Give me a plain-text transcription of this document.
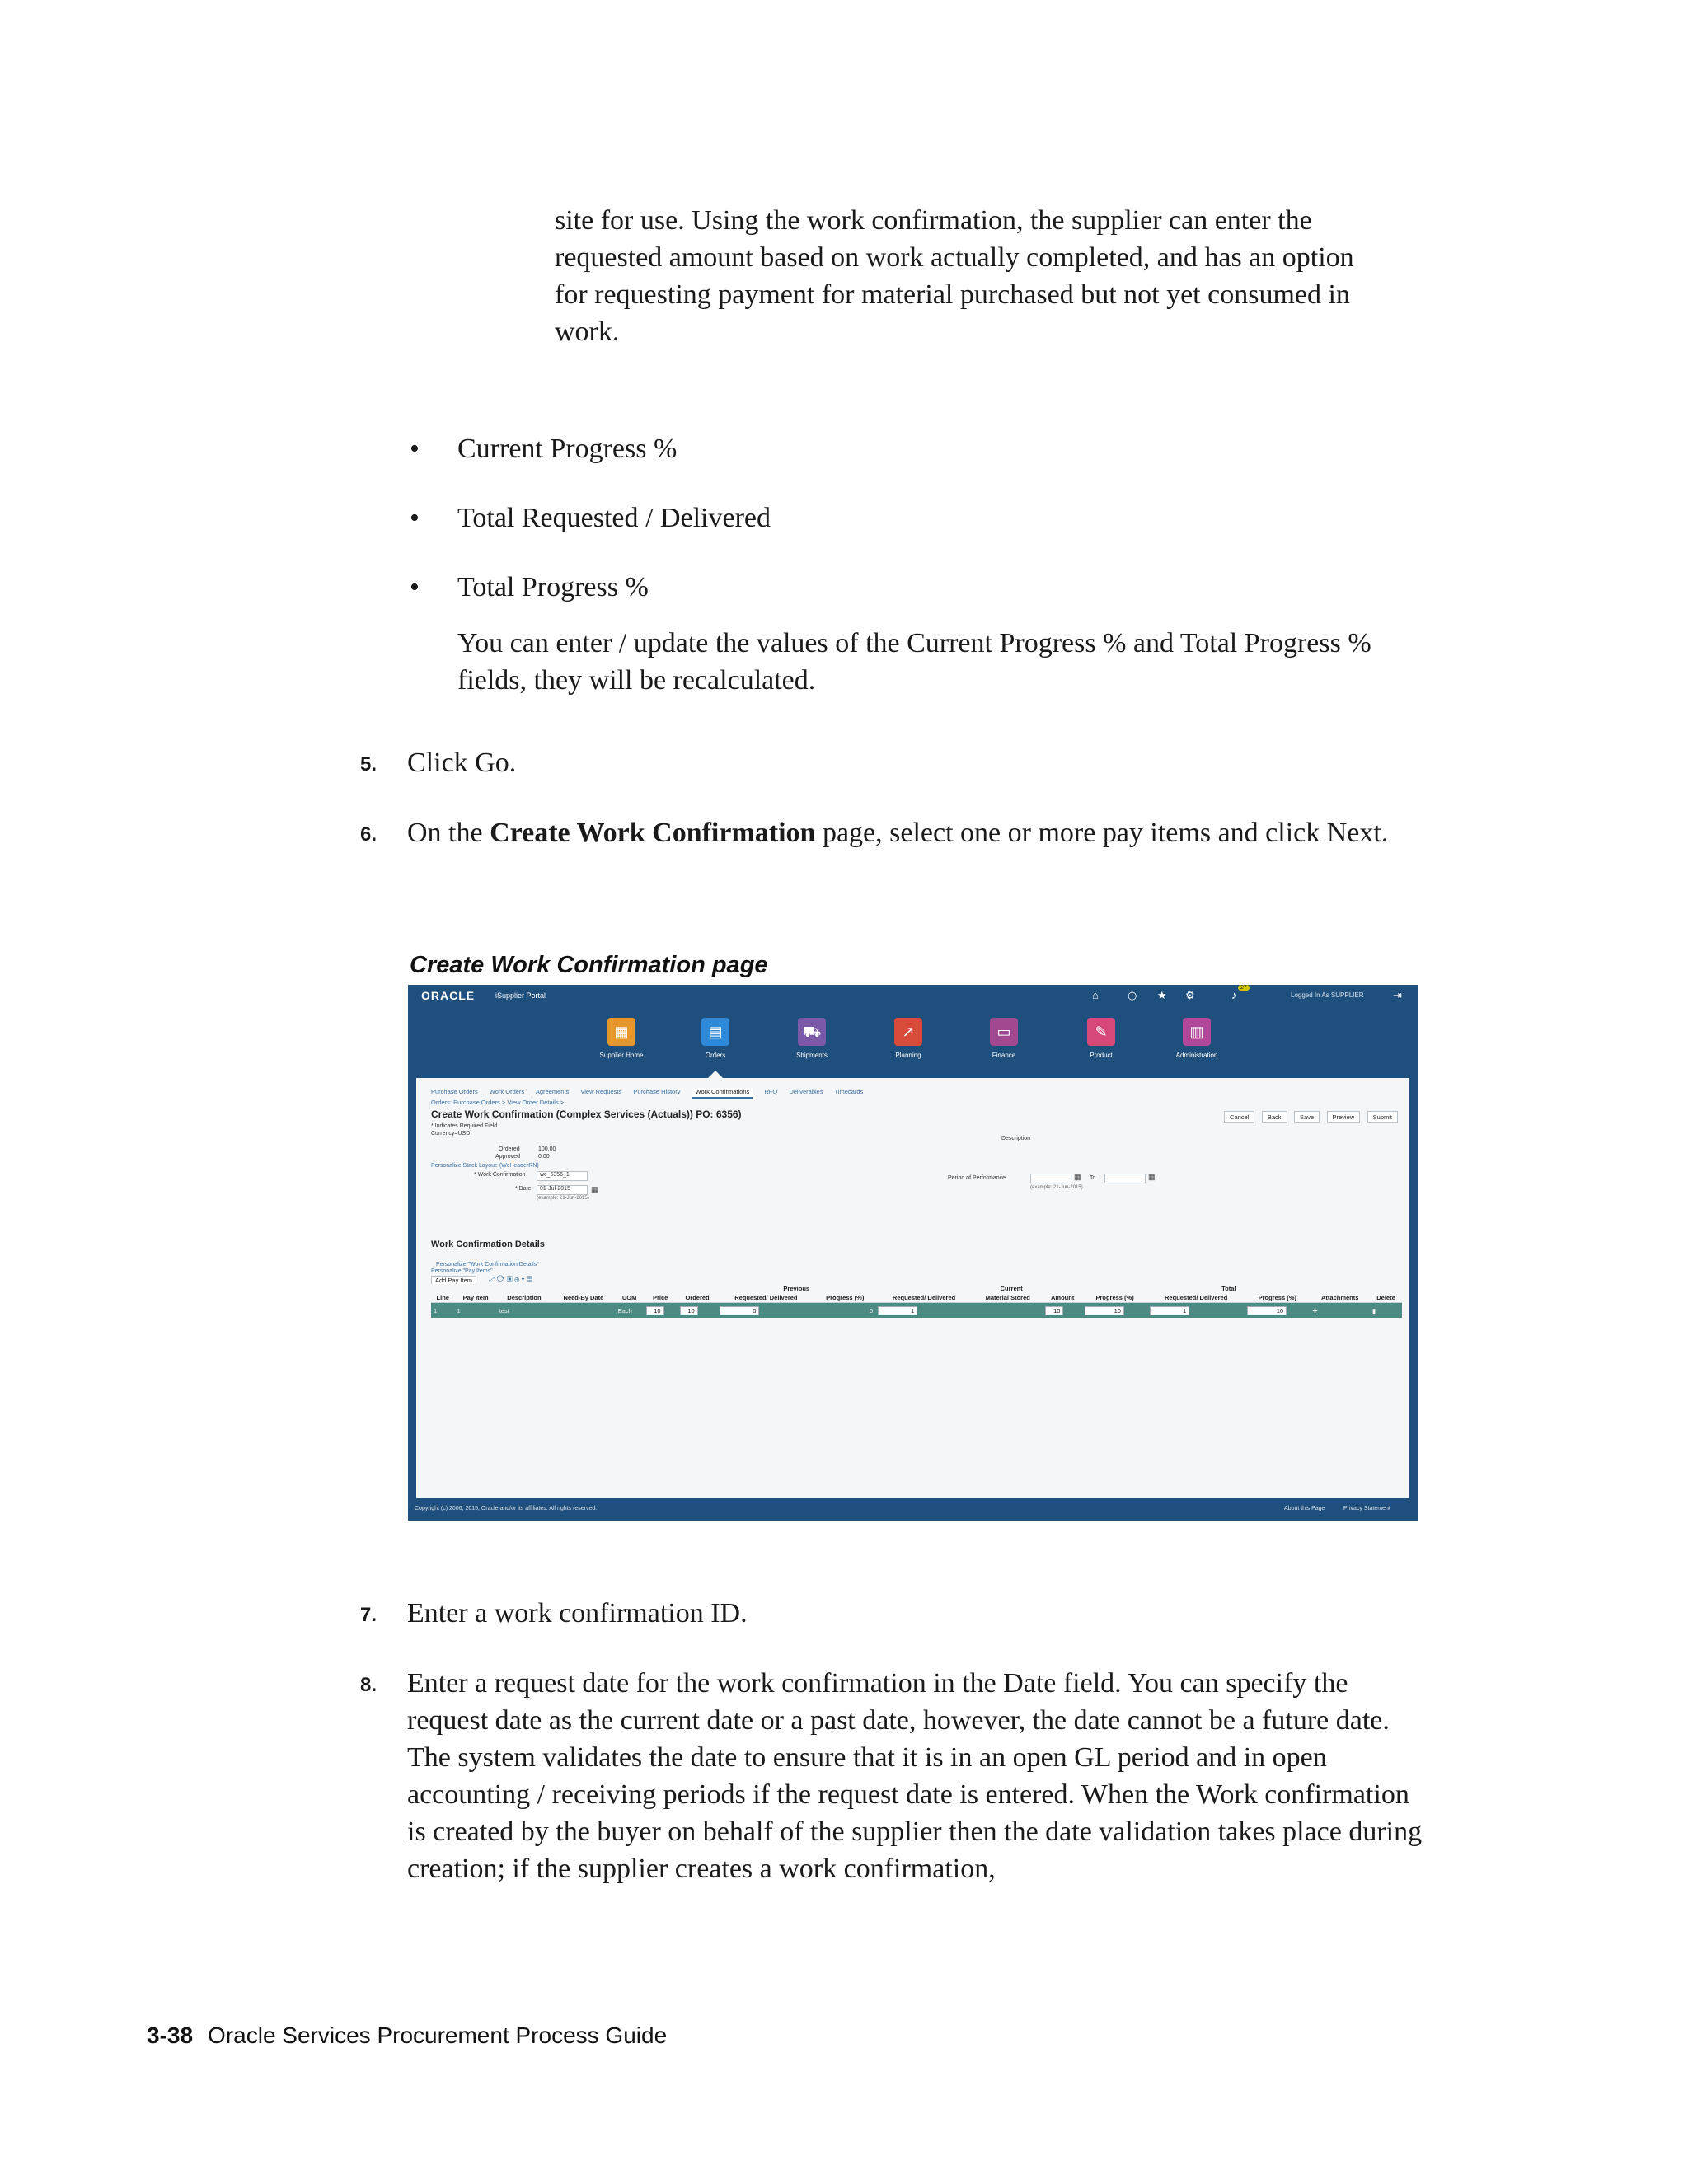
site for use. Using the work confirmation, the supplier can enter the requested amount based on work actually completed, and has an option for requesting payment for material purchased but not yet consumed in work.

• Current Progress %
• Total Requested / Delivered
• Total Progress %

You can enter / update the values of the Current Progress % and Total Progress % fields, they will be recalculated.

5. Click Go.

6. On the Create Work Confirmation page, select one or more pay items and click Next.

Create Work Confirmation page
ORACLE	iSupplier Portal	⌂	◷ ★ ⚙	♪
27
Logged In As SUPPLIER	⇥
▦
Supplier Home
▤
Orders
⛟
Shipments
↗
Planning
▭
Finance
✎
Product
▥
Administration
Purchase Orders Work Orders Agreements View Requests Purchase History Work Confirmations RFQ Deliverables Timecards
Orders: Purchase Orders > View Order Details >
Create Work Confirmation (Complex Services (Actuals)) PO: 6356)	Cancel	Back	Save	Preview	Submit
* Indicates Required Field
Currency=USD
Ordered	100.00
Approved	0.00
Personalize Stack Layout: (WcHeaderRN)
* Work Confirmation wc_6356_1
* Date 01-Jul-2015	▦
(example: 21-Jun-2015)
Description
Period of Performance	▦ To	▦
(example: 21-Jun-2015)
Work Confirmation Details
Personalize "Work Confirmation Details"
Personalize "Pay Items"
Add Pay Item	⤢ ⟳ ▣ ⊕ ▾ ▤
							Previous		Current				Total			
Line	Pay Item	Description	Need-By Date	UOM	Price	Ordered	Requested/ Delivered	Progress (%)	Requested/ Delivered	Material Stored	Amount	Progress (%)	Requested/ Delivered	Progress (%)	Attachments	Delete
1	1	test		Each	10	10	0	0	1		10	10	1	10	✚	▮
Copyright (c) 2006, 2015, Oracle and/or its affiliates. All rights reserved.	About this Page	Privacy Statement
7. Enter a work confirmation ID.

8. Enter a request date for the work confirmation in the Date field. You can specify the request date as the current date or a past date, however, the date cannot be a future date. The system validates the date to ensure that it is in an open GL period and in open accounting / receiving periods if the request date is entered. When the Work confirmation is created by the buyer on behalf of the supplier then the date validation takes place during creation; if the supplier creates a work confirmation,

3-38 Oracle Services Procurement Process Guide
